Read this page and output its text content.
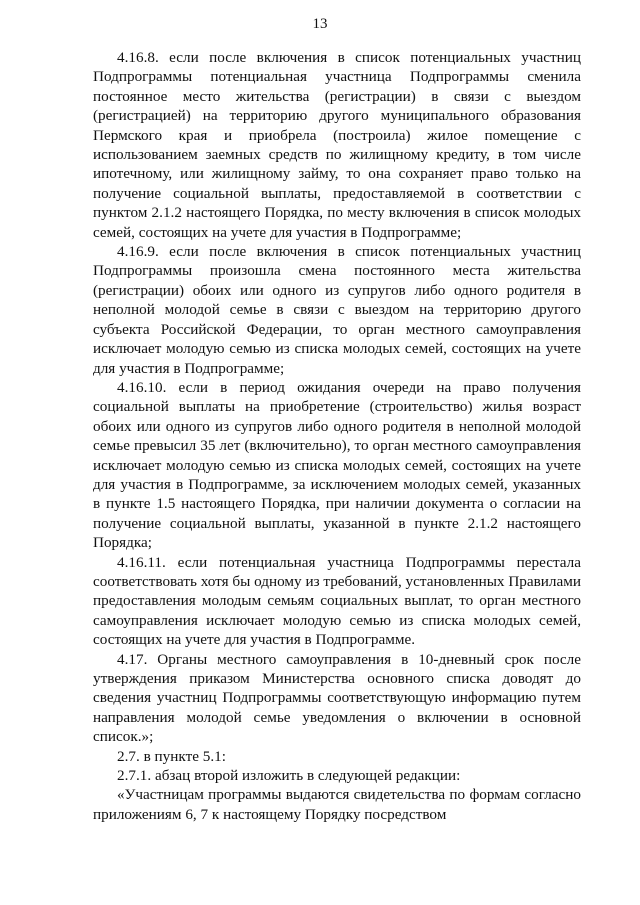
13

4.16.8. если после включения в список потенциальных участниц Подпрограммы потенциальная участница Подпрограммы сменила постоянное место жительства (регистрации) в связи с выездом (регистрацией) на территорию другого муниципального образования Пермского края и приобрела (построила) жилое помещение с использованием заемных средств по жилищному кредиту, в том числе ипотечному, или жилищному займу, то она сохраняет право только на получение социальной выплаты, предоставляемой в соответствии с пунктом 2.1.2 настоящего Порядка, по месту включения в список молодых семей, состоящих на учете для участия в Подпрограмме;

4.16.9. если после включения в список потенциальных участниц Подпрограммы произошла смена постоянного места жительства (регистрации) обоих или одного из супругов либо одного родителя в неполной молодой семье в связи с выездом на территорию другого субъекта Российской Федерации, то орган местного самоуправления исключает молодую семью из списка молодых семей, состоящих на учете для участия в Подпрограмме;

4.16.10. если в период ожидания очереди на право получения социальной выплаты на приобретение (строительство) жилья возраст обоих или одного из супругов либо одного родителя в неполной молодой семье превысил 35 лет (включительно), то орган местного самоуправления исключает молодую семью из списка молодых семей, состоящих на учете для участия в Подпрограмме, за исключением молодых семей, указанных в пункте 1.5 настоящего Порядка, при наличии документа о согласии на получение социальной выплаты, указанной в пункте 2.1.2 настоящего Порядка;

4.16.11. если потенциальная участница Подпрограммы перестала соответствовать хотя бы одному из требований, установленных Правилами предоставления молодым семьям социальных выплат, то орган местного самоуправления исключает молодую семью из списка молодых семей, состоящих на учете для участия в Подпрограмме.

4.17. Органы местного самоуправления в 10-дневный срок после утверждения приказом Министерства основного списка доводят до сведения участниц Подпрограммы соответствующую информацию путем направления молодой семье уведомления о включении в основной список.»;

2.7. в пункте 5.1:

2.7.1. абзац второй изложить в следующей редакции:

«Участницам программы выдаются свидетельства по формам согласно приложениям 6, 7 к настоящему Порядку посредством
